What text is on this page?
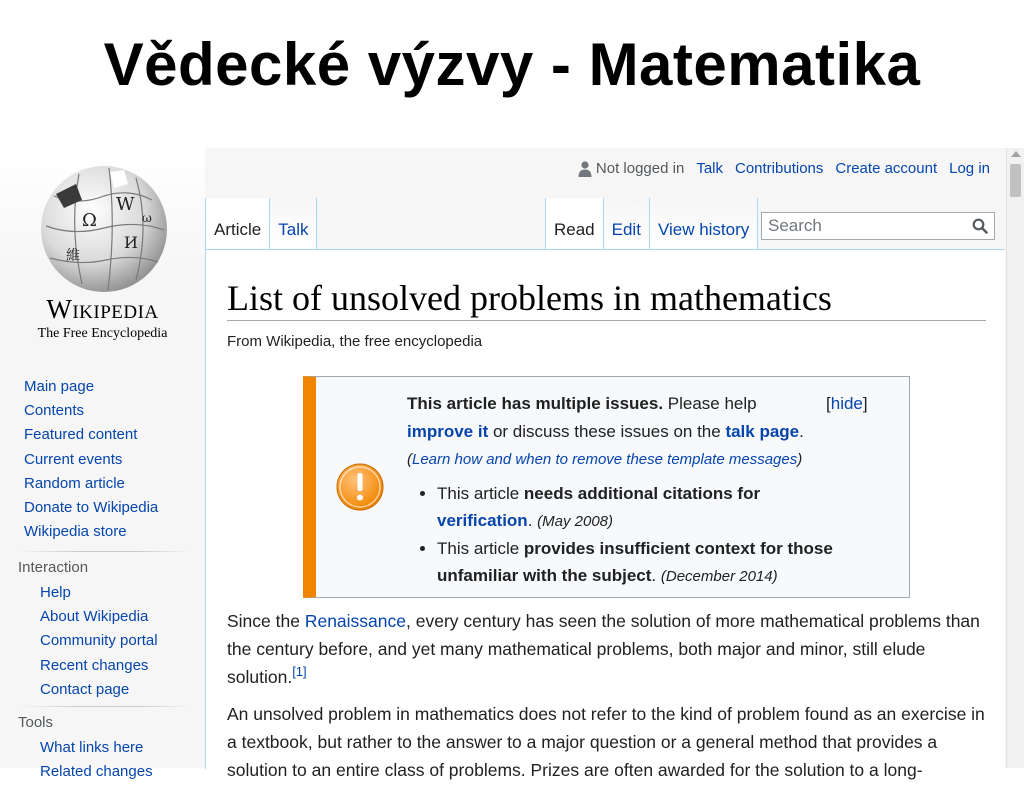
Vědecké výzvy - Matematika
Ω
W
И
維
ω
Wikipedia
The Free Encyclopedia
Main page
Contents
Featured content
Current events
Random article
Donate to Wikipedia
Wikipedia store
Interaction
Help
About Wikipedia
Community portal
Recent changes
Contact page
Tools
What links here
Related changes
Not logged in Talk Contributions Create account Log in
Article	Talk	Read	Edit	View history
Search
List of unsolved problems in mathematics
From Wikipedia, the free encyclopedia
This article has multiple issues. Please help
improve it or discuss these issues on the talk page.
(Learn how and when to remove these template messages)
• This article needs additional citations for verification. (May 2008)
• This article provides insufficient context for those unfamiliar with the subject. (December 2014)
[hide]

Since the Renaissance, every century has seen the solution of more mathematical problems than the century before, and yet many mathematical problems, both major and minor, still elude solution.[1]

An unsolved problem in mathematics does not refer to the kind of problem found as an exercise in a textbook, but rather to the answer to a major question or a general method that provides a solution to an entire class of problems. Prizes are often awarded for the solution to a long-
